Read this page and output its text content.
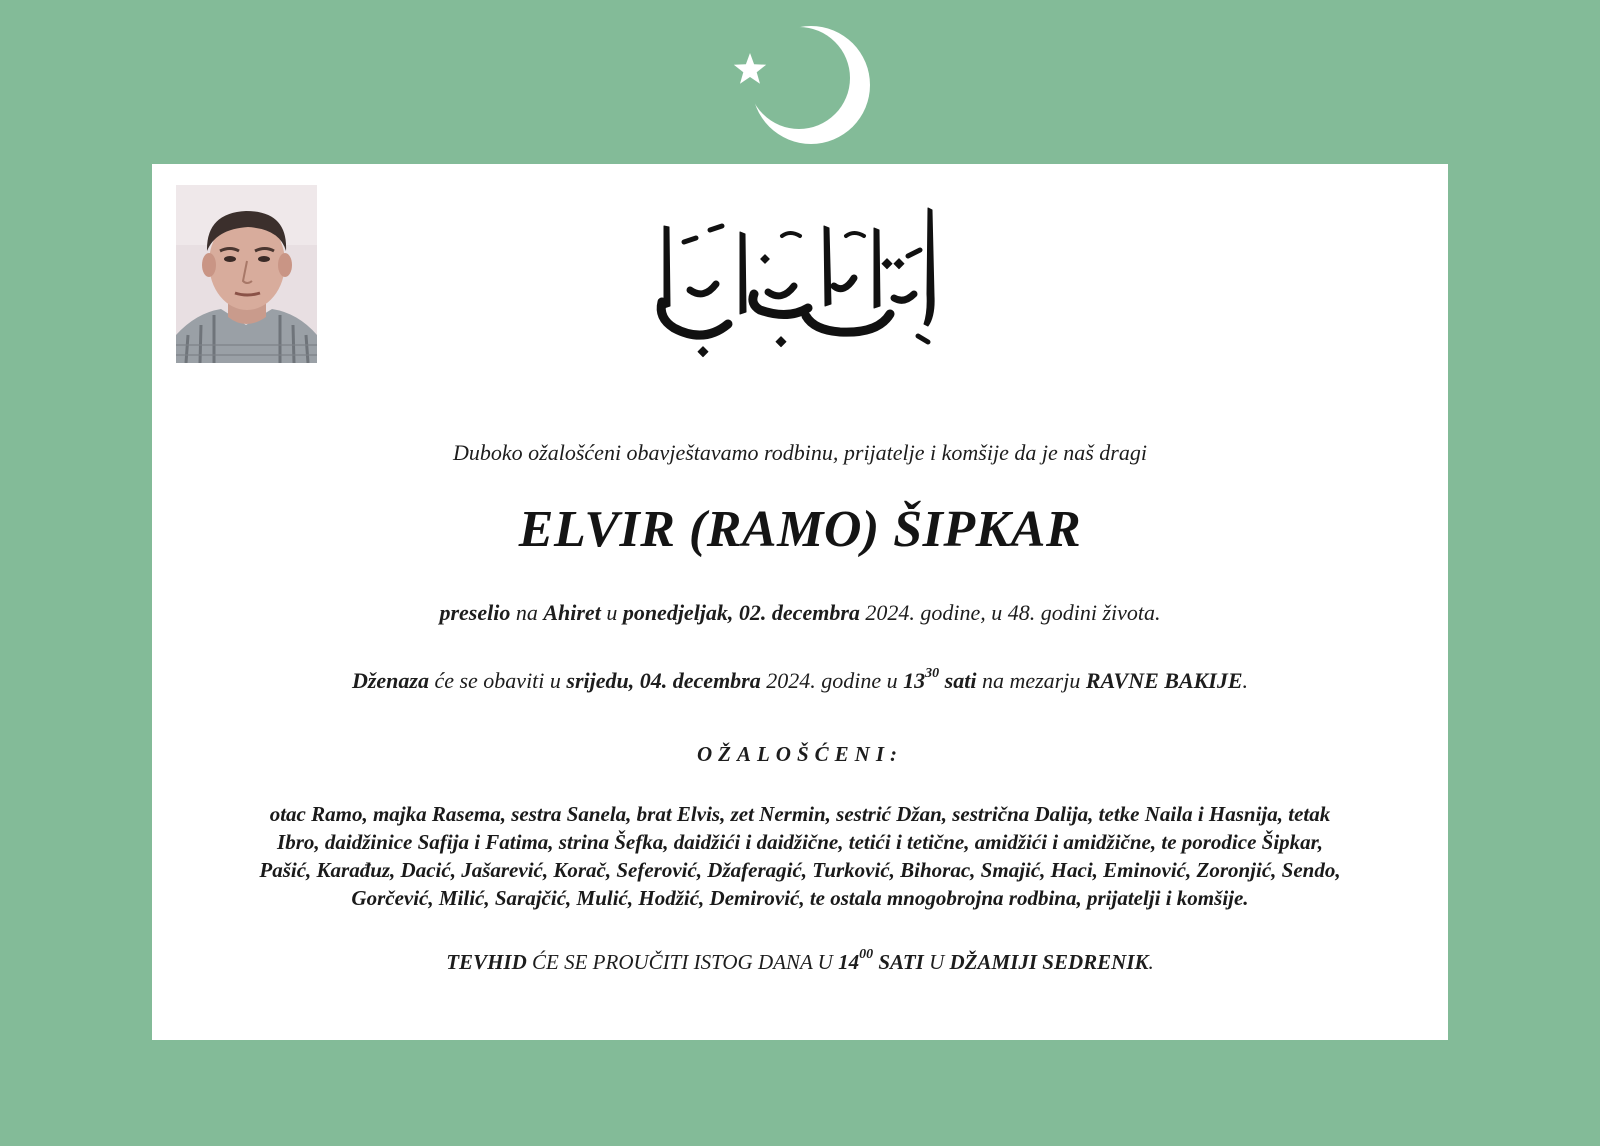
Duboko ožalošćeni obavještavamo rodbinu, prijatelje i komšije da je naš dragi
ELVIR (RAMO) ŠIPKAR
preselio na Ahiret u ponedjeljak, 02. decembra 2024. godine, u 48. godini života.
Dženaza će se obaviti u srijedu, 04. decembra 2024. godine u $13^{30}$ sati na mezarju RAVNE BAKIJE.
OŽALOŠĆENI:
otac Ramo, majka Rasema, sestra Sanela, brat Elvis, zet Nermin, sestrić Džan, sestrična Dalija, tetke Naila i Hasnija, tetak
Ibro, daidžinice Safija i Fatima, strina Šefka, daidžići i daidžične, tetići i tetične, amidžići i amidžične, te porodice Šipkar,
Pašić, Karađuz, Dacić, Jašarević, Korač, Seferović, Džaferagić, Turković, Bihorac, Smajić, Haci, Eminović, Zoronjić, Sendo,
Gorčević, Milić, Sarajčić, Mulić, Hodžić, Demirović, te ostala mnogobrojna rodbina, prijatelji i komšije.
TEVHID ĆE SE PROUČITI ISTOG DANA U $14^{00}$ SATI U DŽAMIJI SEDRENIK.
